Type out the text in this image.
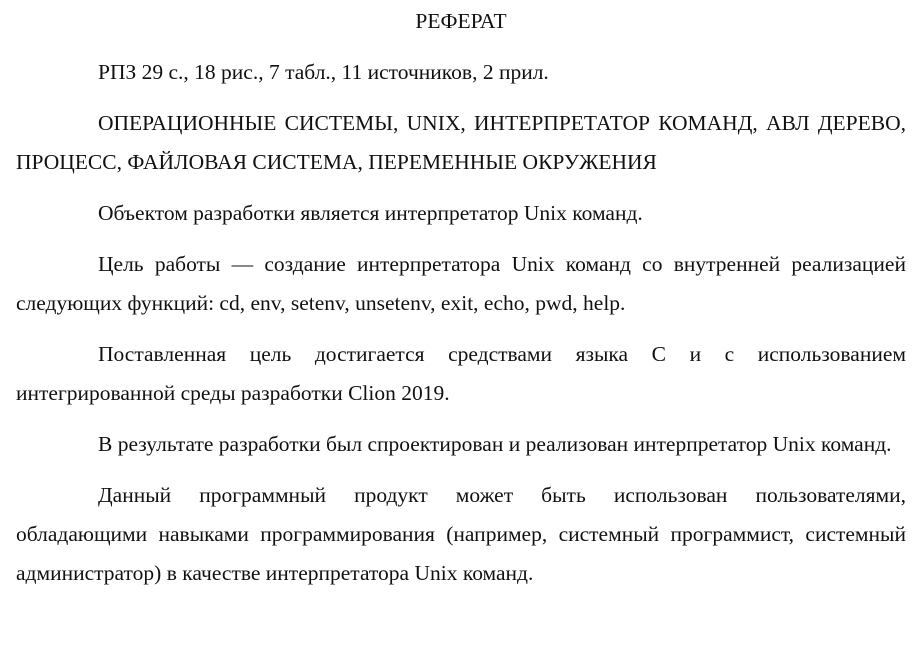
РЕФЕРАТ

РПЗ 29 с., 18 рис., 7 табл., 11 источников, 2 прил.

ОПЕРАЦИОННЫЕ СИСТЕМЫ, UNIX, ИНТЕРПРЕТАТОР КОМАНД, АВЛ ДЕРЕВО, ПРОЦЕСС, ФАЙЛОВАЯ СИСТЕМА, ПЕРЕМЕННЫЕ ОКРУЖЕНИЯ

Объектом разработки является интерпретатор Unix команд.

Цель работы — создание интерпретатора Unix команд со внутренней реализацией следующих функций: cd, env, setenv, unsetenv, exit, echo, pwd, help.

Поставленная цель достигается средствами языка С и с использованием интегрированной среды разработки Clion 2019.

В результате разработки был спроектирован и реализован интерпретатор Unix команд.

Данный программный продукт может быть использован пользователями, обладающими навыками программирования (например, системный программист, системный администратор) в качестве интерпретатора Unix команд.
